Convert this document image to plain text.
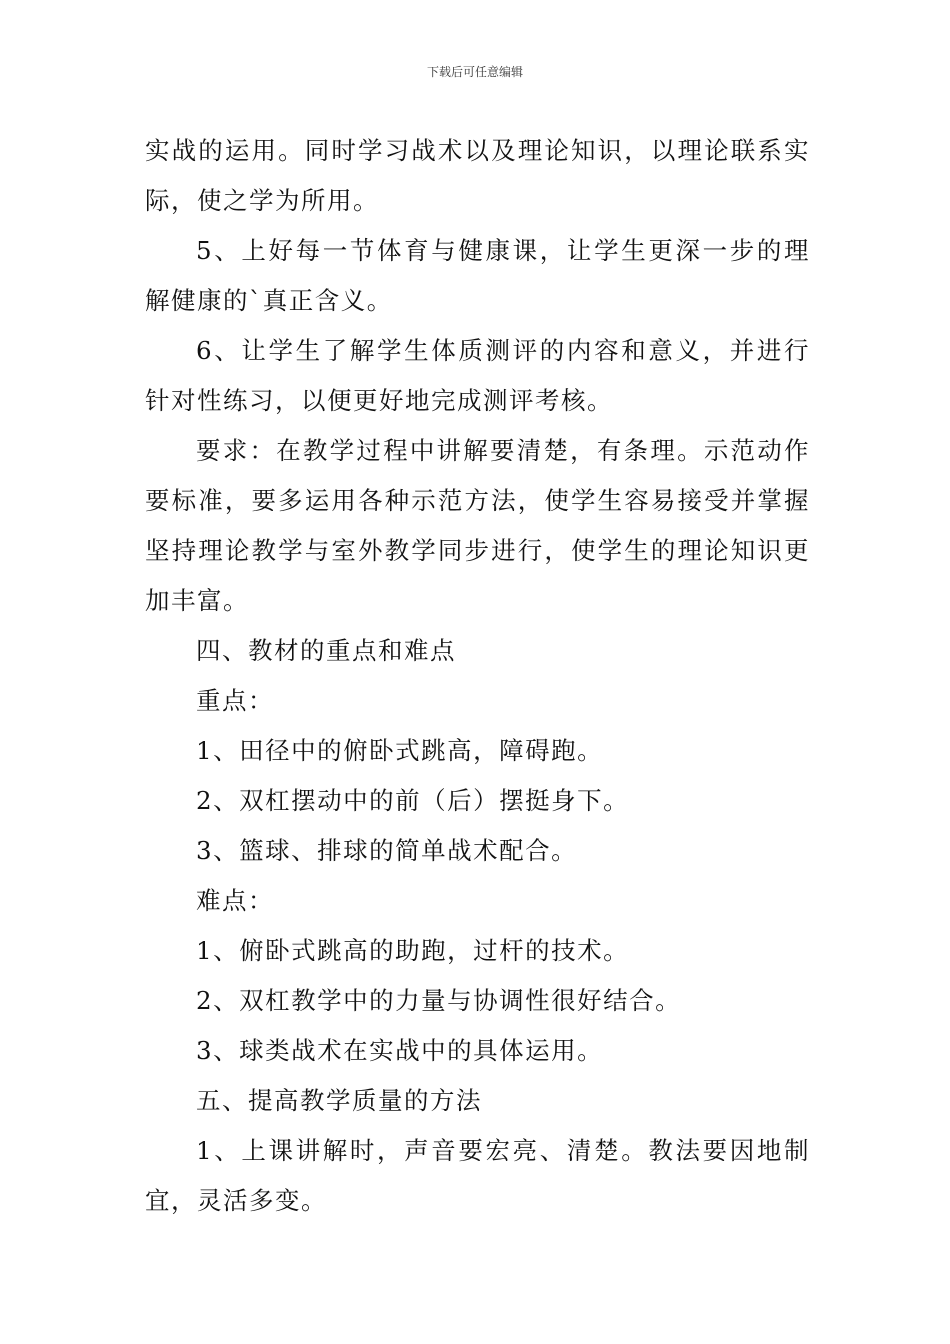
下载后可任意编辑

实战的运用。同时学习战术以及理论知识，以理论联系实际，使之学为所用。

5、上好每一节体育与健康课，让学生更深一步的理解健康的`真正含义。

6、让学生了解学生体质测评的内容和意义，并进行针对性练习，以便更好地完成测评考核。

要求：在教学过程中讲解要清楚，有条理。示范动作要标准，要多运用各种示范方法，使学生容易接受并掌握坚持理论教学与室外教学同步进行，使学生的理论知识更加丰富。

四、教材的重点和难点

重点：

1、田径中的俯卧式跳高，障碍跑。

2、双杠摆动中的前（后）摆挺身下。

3、篮球、排球的简单战术配合。

难点：

1、俯卧式跳高的助跑，过杆的技术。

2、双杠教学中的力量与协调性很好结合。

3、球类战术在实战中的具体运用。

五、提高教学质量的方法

1、上课讲解时，声音要宏亮、清楚。教法要因地制宜，灵活多变。
